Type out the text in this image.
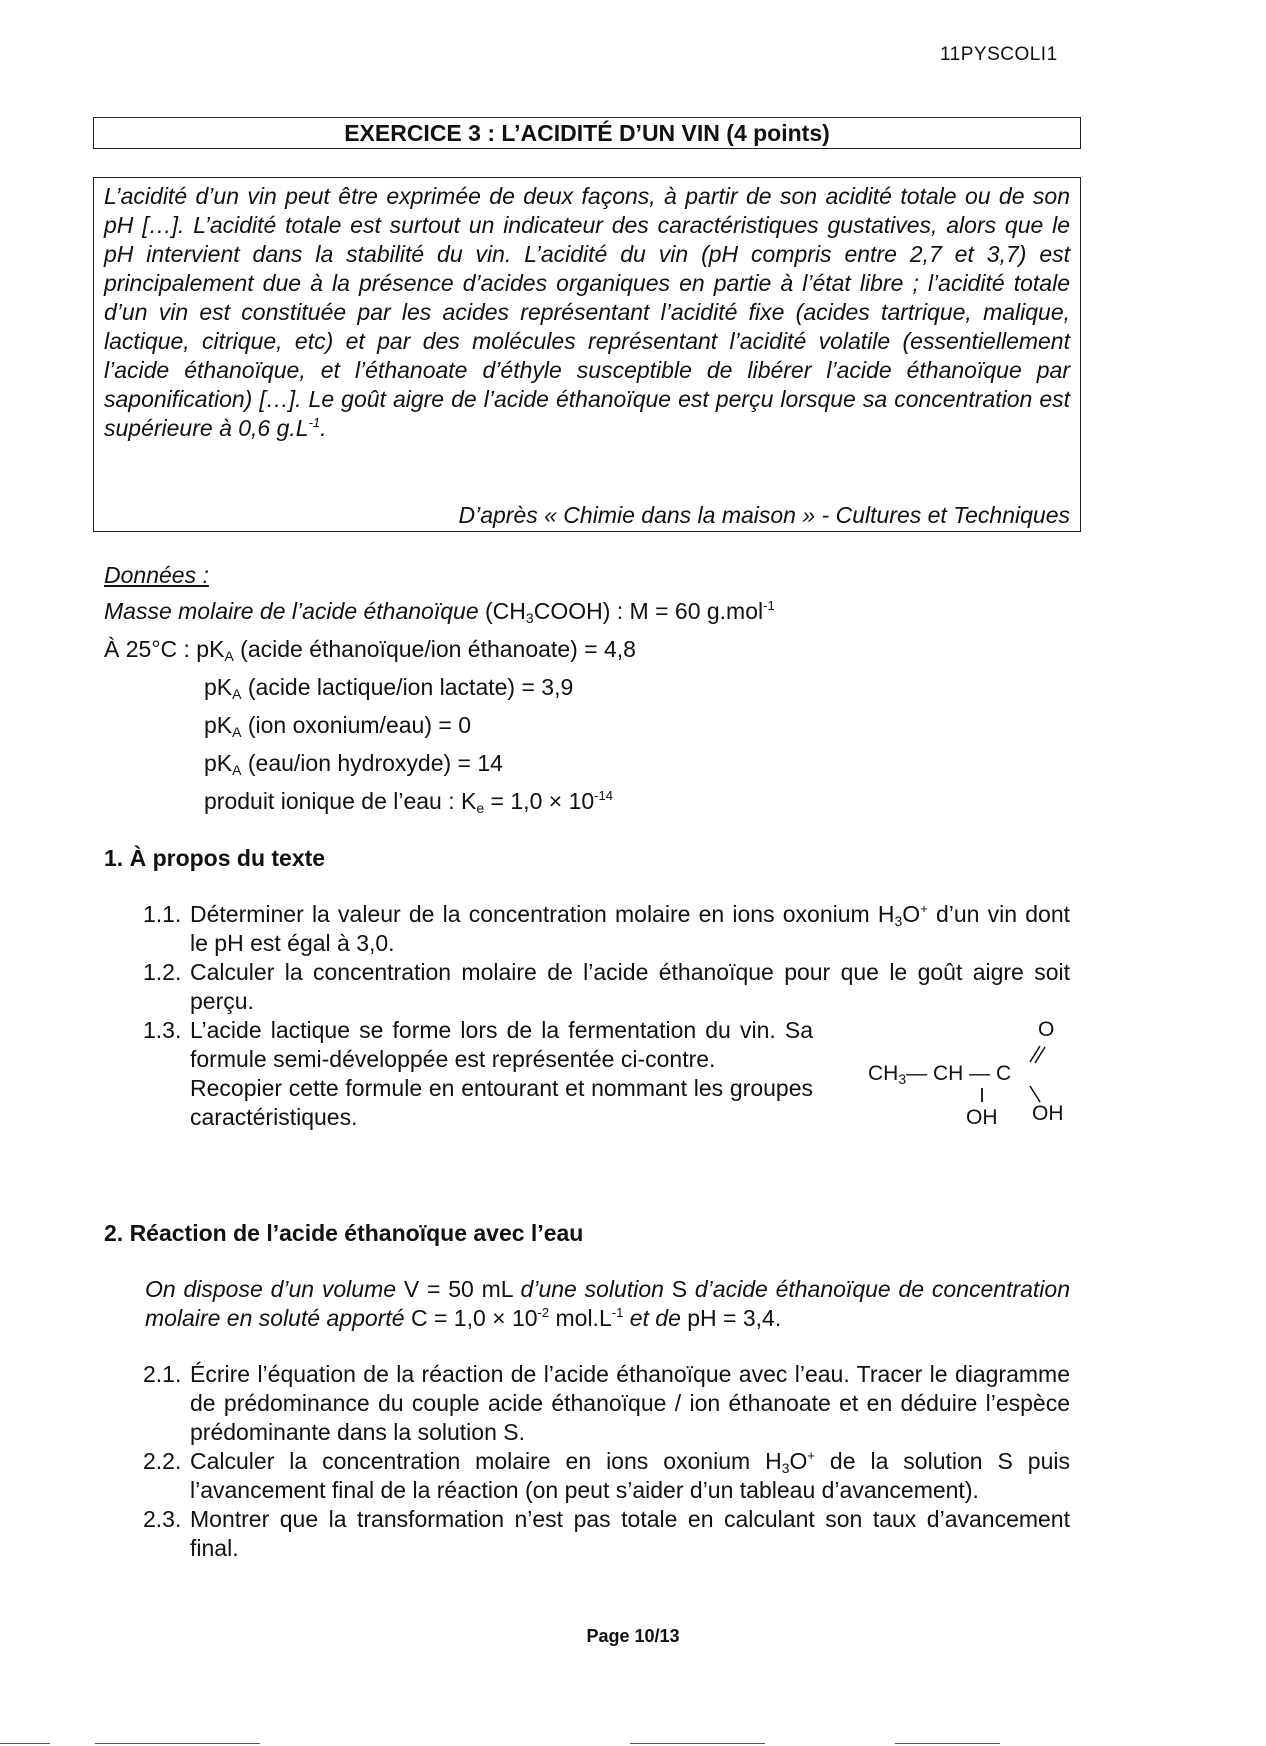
11PYSCOLI1
EXERCICE 3 : L’ACIDITÉ D’UN VIN (4 points)
L’acidité d’un vin peut être exprimée de deux façons, à partir de son acidité totale ou de son pH […]. L’acidité totale est surtout un indicateur des caractéristiques gustatives, alors que le pH intervient dans la stabilité du vin. L’acidité du vin (pH compris entre 2,7 et 3,7) est principalement due à la présence d’acides organiques en partie à l’état libre ; l’acidité totale d’un vin est constituée par les acides représentant l’acidité fixe (acides tartrique, malique, lactique, citrique, etc) et par des molécules représentant l’acidité volatile (essentiellement l’acide éthanoïque, et l’éthanoate d’éthyle susceptible de libérer l’acide éthanoïque par saponification) […]. Le goût aigre de l’acide éthanoïque est perçu lorsque sa concentration est supérieure à 0,6 $g.L^{-1}$.
D’après « Chimie dans la maison » - Cultures et Techniques
Données :
Masse molaire de l’acide éthanoïque $(CH_3COOH)$ : M = 60 g.mol$^{-1}$
À 25°C : $pK_A$ (acide éthanoïque/ion éthanoate) = 4,8
$pK_A$ (acide lactique/ion lactate) = 3,9
$pK_A$ (ion oxonium/eau) = 0
$pK_A$ (eau/ion hydroxyde) = 14
produit ionique de l’eau : $K_e = 1,0 \times 10^{-14}$
1. À propos du texte
1.1. Déterminer la valeur de la concentration molaire en ions oxonium $H_3O^+$ d’un vin dont le pH est égal à 3,0.
1.2. Calculer la concentration molaire de l’acide éthanoïque pour que le goût aigre soit perçu.
1.3. L’acide lactique se forme lors de la fermentation du vin. Sa formule semi-développée est représentée ci-contre.
Recopier cette formule en entourant et nommant les groupes caractéristiques.
O
$CH_3—$ CH — C
OH OH
2. Réaction de l’acide éthanoïque avec l’eau
On dispose d’un volume V = 50 mL d’une solution S d’acide éthanoïque de concentration molaire en soluté apporté $C = 1,0 \times 10^{-2}$ $mol.L^{-1}$ et de pH = 3,4.
2.1. Écrire l’équation de la réaction de l’acide éthanoïque avec l’eau. Tracer le diagramme de prédominance du couple acide éthanoïque / ion éthanoate et en déduire l’espèce prédominante dans la solution S.
2.2. Calculer la concentration molaire en ions oxonium $H_3O^+$ de la solution S puis l’avancement final de la réaction (on peut s’aider d’un tableau d’avancement).
2.3. Montrer que la transformation n’est pas totale en calculant son taux d’avancement final.
Page 10/13
